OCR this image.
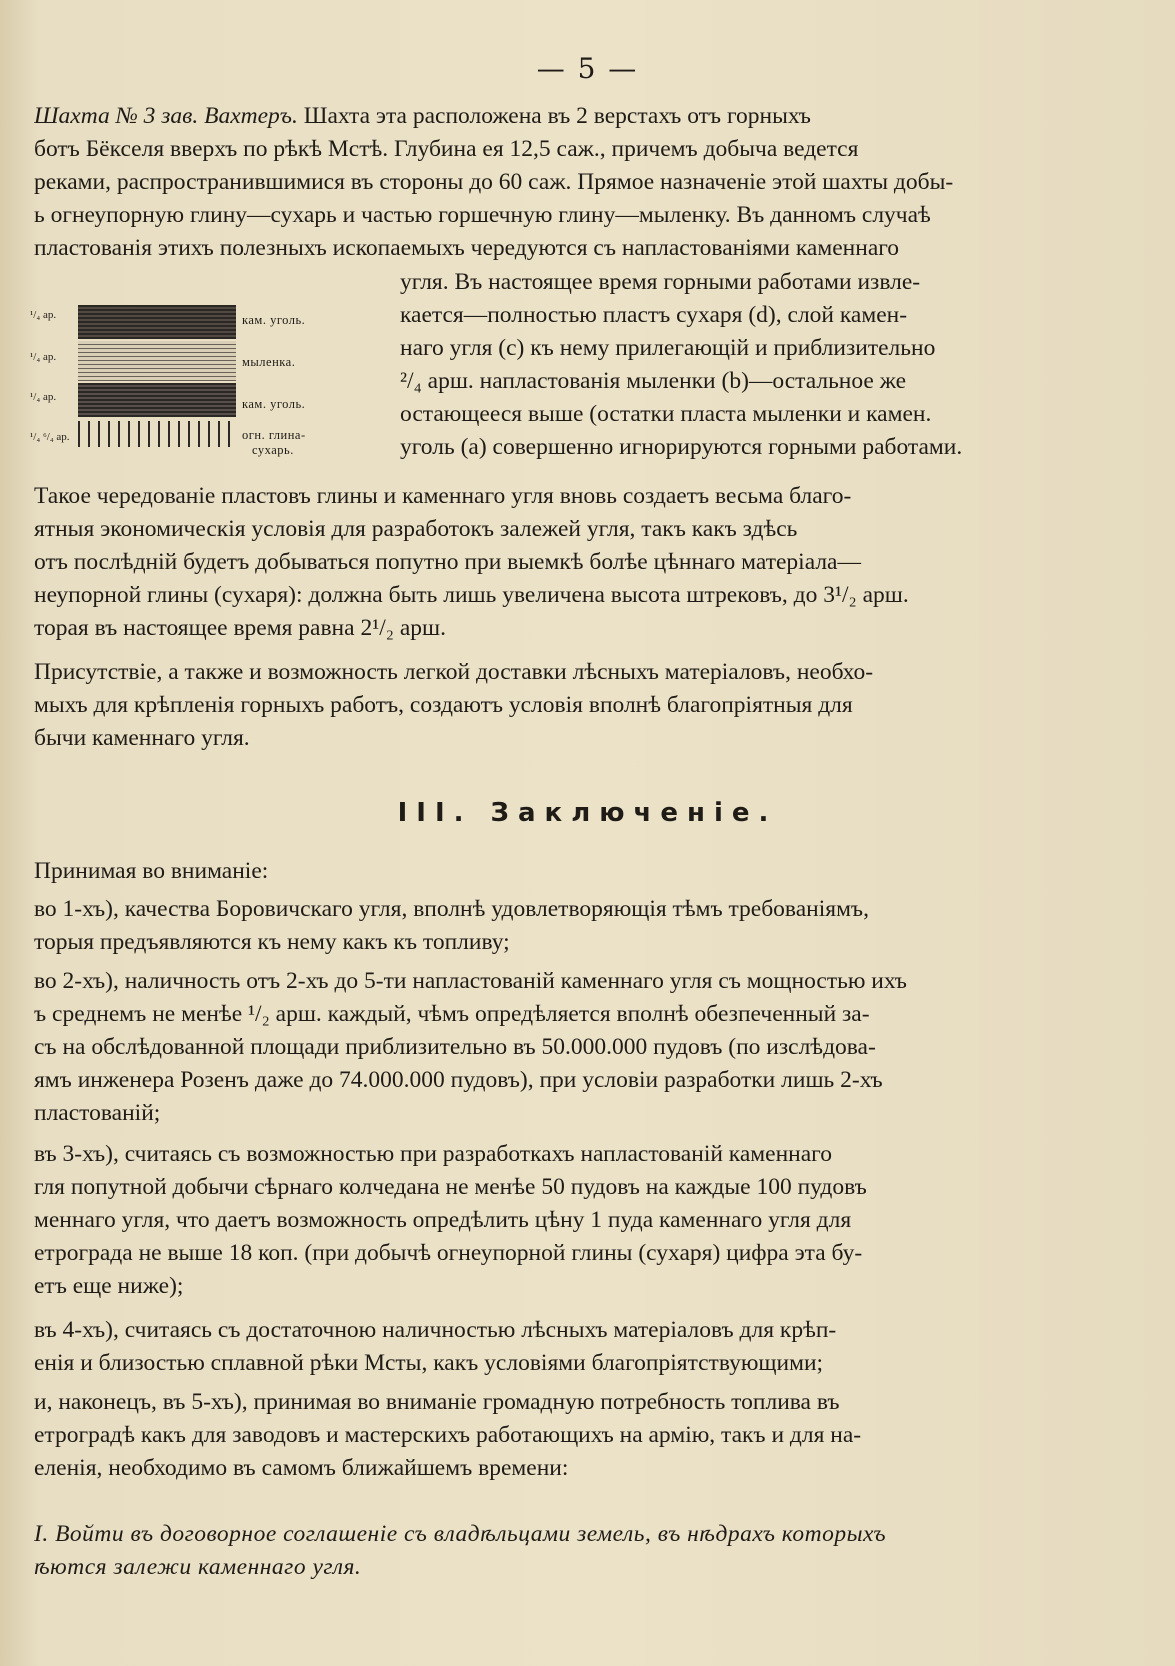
— 5 —
Шахта № 3 зав. Вахтеръ. Шахта эта расположена въ 2 верстахъ отъ горныхъ
ботъ Бёкселя вверхъ по рѣкѣ Мстѣ. Глубина ея 12,5 саж., причемъ добыча ведется
реками, распространившимися въ стороны до 60 саж. Прямое назначеніе этой шахты добы-
ь огнеупорную глину—сухарь и частью горшечную глину—мыленку. Въ данномъ случаѣ
пластованія этихъ полезныхъ ископаемыхъ чередуются съ напластованіями каменнаго
¹/₄ ар.
¹/₄ ар.
¹/₄ ар.
¹/₄ ⁶/₄ ар.
кам. уголь.
мыленка.
кам. уголь.
огн. глина-
сухарь.
угля. Въ настоящее время горными работами извле-
кается—полностью пластъ сухаря (d), слой камен-
наго угля (с) къ нему прилегающій и приблизительно
²/₄ арш. напластованія мыленки (b)—остальное же
остающееся выше (остатки пласта мыленки и камен.
уголь (а) совершенно игнорируются горными работами.
Такое чередованіе пластовъ глины и каменнаго угля вновь создаетъ весьма благо-
ятныя экономическія условія для разработокъ залежей угля, такъ какъ здѣсь
отъ послѣдній будетъ добываться попутно при выемкѣ болѣе цѣннаго матеріала—
неупорной глины (сухаря): должна быть лишь увеличена высота штрековъ, до 3¹/₂ арш.
торая въ настоящее время равна 2¹/₂ арш.
Присутствіе, а также и возможность легкой доставки лѣсныхъ матеріаловъ, необхо-
мыхъ для крѣпленія горныхъ работъ, создаютъ условія вполнѣ благопріятныя для
бычи каменнаго угля.
III. Заключеніе.
Принимая во вниманіе:
во 1-хъ), качества Боровичскаго угля, вполнѣ удовлетворяющія тѣмъ требованіямъ,
торыя предъявляются къ нему какъ къ топливу;
во 2-хъ), наличность отъ 2-хъ до 5-ти напластованій каменнаго угля съ мощностью ихъ
ъ среднемъ не менѣе ¹/₂ арш. каждый, чѣмъ опредѣляется вполнѣ обезпеченный за-
съ на обслѣдованной площади приблизительно въ 50.000.000 пудовъ (по изслѣдова-
ямъ инженера Розенъ даже до 74.000.000 пудовъ), при условіи разработки лишь 2-хъ
пластованій;
въ 3-хъ), считаясь съ возможностью при разработкахъ напластованій каменнаго
гля попутной добычи сѣрнаго колчедана не менѣе 50 пудовъ на каждые 100 пудовъ
меннаго угля, что даетъ возможность опредѣлить цѣну 1 пуда каменнаго угля для
етрограда не выше 18 коп. (при добычѣ огнеупорной глины (сухаря) цифра эта бу-
етъ еще ниже);
въ 4-хъ), считаясь съ достаточною наличностью лѣсныхъ матеріаловъ для крѣп-
енія и близостью сплавной рѣки Мсты, какъ условіями благопріятствующими;
и, наконецъ, въ 5-хъ), принимая во вниманіе громадную потребность топлива въ
етроградѣ какъ для заводовъ и мастерскихъ работающихъ на армію, такъ и для на-
еленія, необходимо въ самомъ ближайшемъ времени:
I. Войти въ договорное соглашеніе съ владѣльцами земель, въ нѣдрахъ которыхъ
ѣются залежи каменнаго угля.
